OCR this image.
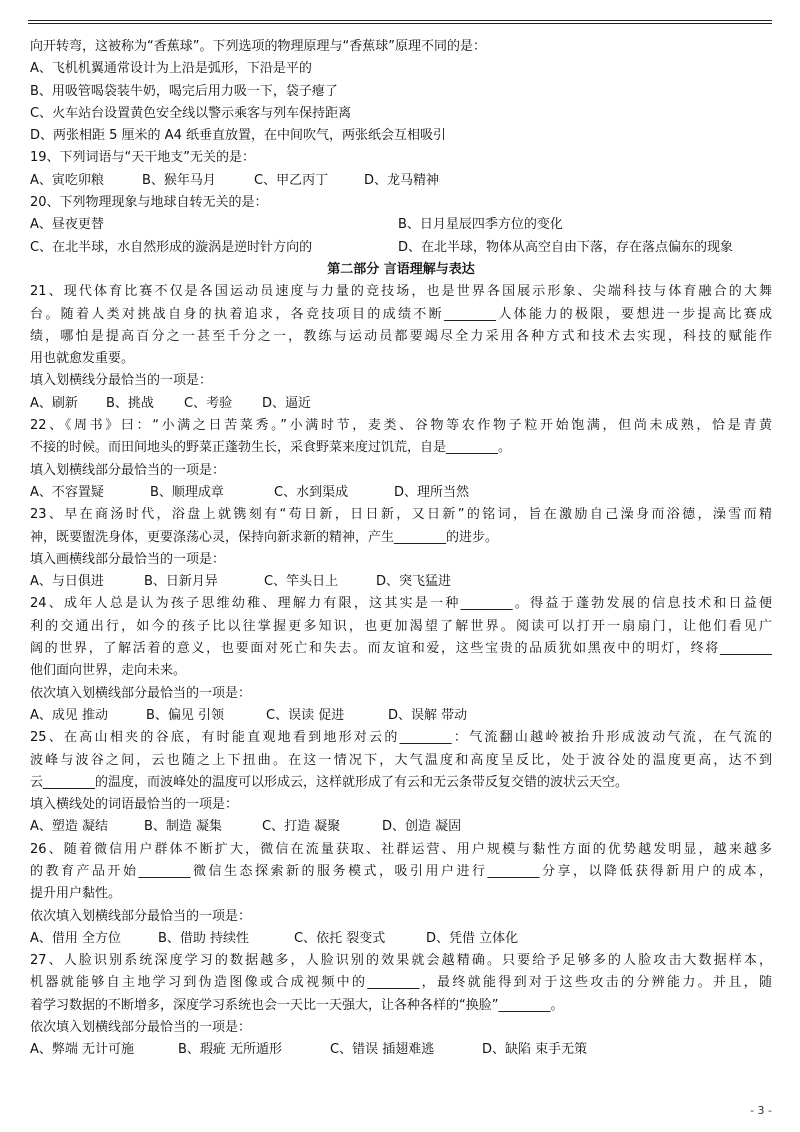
向开转弯，这被称为“香蕉球”。下列选项的物理原理与“香蕉球”原理不同的是：
A、飞机机翼通常设计为上沿是弧形，下沿是平的
B、用吸管喝袋装牛奶，喝完后用力吸一下，袋子瘪了
C、火车站台设置黄色安全线以警示乘客与列车保持距离
D、两张相距 5 厘米的 A4 纸垂直放置，在中间吹气，两张纸会互相吸引
19、下列词语与“天干地支”无关的是：
A、寅吃卯粮	B、猴年马月	C、甲乙丙丁	D、龙马精神
20、下列物理现象与地球自转无关的是：
A、昼夜更替	B、日月星辰四季方位的变化
C、在北半球，水自然形成的漩涡是逆时针方向的	D、在北半球，物体从高空自由下落，存在落点偏东的现象
第二部分 言语理解与表达
21、现代体育比赛不仅是各国运动员速度与力量的竞技场，也是世界各国展示形象、尖端科技与体育融合的大舞
台。随着人类对挑战自身的执着追求，各竞技项目的成绩不断________人体能力的极限，要想进一步提高比赛成
绩，哪怕是提高百分之一甚至千分之一，教练与运动员都要竭尽全力采用各种方式和技术去实现，科技的赋能作
用也就愈发重要。
填入划横线分最恰当的一项是：
A、刷新 B、挑战 C、考验 D、逼近
22、《周书》曰：“小满之日苦菜秀。”小满时节，麦类、谷物等农作物子粒开始饱满，但尚未成熟，恰是青黄
不接的时候。而田间地头的野菜正蓬勃生长，采食野菜来度过饥荒，自是________。
填入划横线部分最恰当的一项是：
A、不容置疑	B、顺理成章	C、水到渠成	D、理所当然
23、早在商汤时代，浴盘上就镌刻有“苟日新，日日新，又日新”的铭词，旨在激励自己澡身而浴德，澡雪而精
神，既要盥洗身体，更要涤荡心灵，保持向新求新的精神，产生________的进步。
填入画横线部分最恰当的一项是：
A、与日俱进	B、日新月异	C、竿头日上	D、突飞猛进
24、成年人总是认为孩子思维幼稚、理解力有限，这其实是一种________。得益于蓬勃发展的信息技术和日益便
利的交通出行，如今的孩子比以往掌握更多知识，也更加渴望了解世界。阅读可以打开一扇扇门，让他们看见广
阔的世界，了解活着的意义，也要面对死亡和失去。而友谊和爱，这些宝贵的品质犹如黑夜中的明灯，终将________
他们面向世界，走向未来。
依次填入划横线部分最恰当的一项是：
A、成见 推动	B、偏见 引领	C、误读 促进	D、误解 带动
25、在高山相夹的谷底，有时能直观地看到地形对云的________：气流翻山越岭被抬升形成波动气流，在气流的
波峰与波谷之间，云也随之上下扭曲。在这一情况下，大气温度和高度呈反比，处于波谷处的温度更高，达不到
云________的温度，而波峰处的温度可以形成云，这样就形成了有云和无云条带反复交错的波状云天空。
填入横线处的词语最恰当的一项是：
A、塑造 凝结	B、制造 凝集	C、打造 凝聚	D、创造 凝固
26、随着微信用户群体不断扩大，微信在流量获取、社群运营、用户规模与黏性方面的优势越发明显，越来越多
的教育产品开始________微信生态探索新的服务模式，吸引用户进行________分享，以降低获得新用户的成本，
提升用户黏性。
依次填入划横线部分最恰当的一项是：
A、借用 全方位	B、借助 持续性	C、依托 裂变式	D、凭借 立体化
27、人脸识别系统深度学习的数据越多，人脸识别的效果就会越精确。只要给予足够多的人脸攻击大数据样本，
机器就能够自主地学习到伪造图像或合成视频中的________，最终就能得到对于这些攻击的分辨能力。并且，随
着学习数据的不断增多，深度学习系统也会一天比一天强大，让各种各样的“换脸”________。
依次填入划横线部分最恰当的一项是：
A、弊端 无计可施	B、瑕疵 无所遁形	C、错误 插翅难逃	D、缺陷 束手无策
- 3 -
